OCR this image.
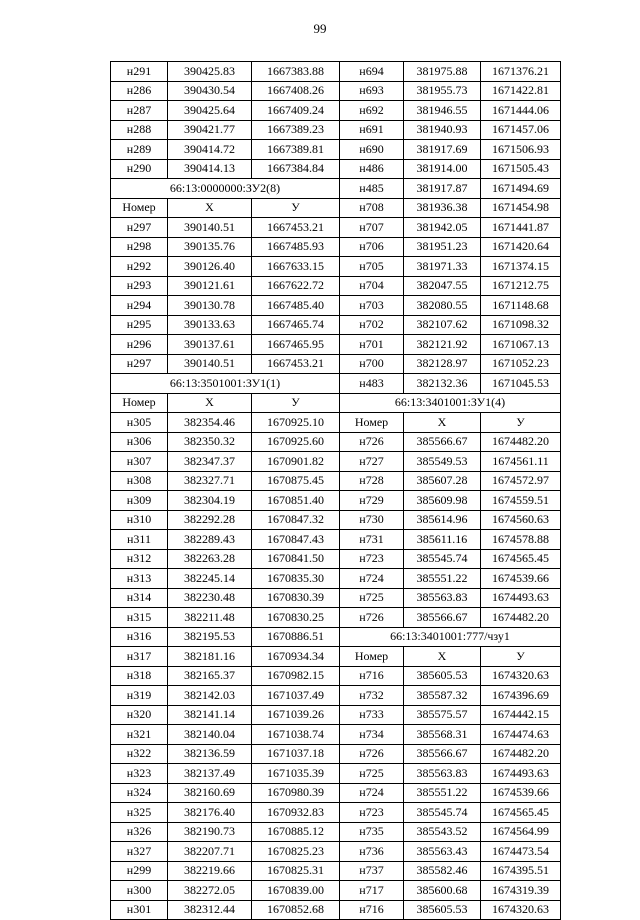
99
н291	390425.83	1667383.88	н694	381975.88	1671376.21
н286	390430.54	1667408.26	н693	381955.73	1671422.81
н287	390425.64	1667409.24	н692	381946.55	1671444.06
н288	390421.77	1667389.23	н691	381940.93	1671457.06
н289	390414.72	1667389.81	н690	381917.69	1671506.93
н290	390414.13	1667384.84	н486	381914.00	1671505.43
66:13:0000000:ЗУ2(8)			н485	381917.87	1671494.69
Номер	Х	У	н708	381936.38	1671454.98
н297	390140.51	1667453.21	н707	381942.05	1671441.87
н298	390135.76	1667485.93	н706	381951.23	1671420.64
н292	390126.40	1667633.15	н705	381971.33	1671374.15
н293	390121.61	1667622.72	н704	382047.55	1671212.75
н294	390130.78	1667485.40	н703	382080.55	1671148.68
н295	390133.63	1667465.74	н702	382107.62	1671098.32
н296	390137.61	1667465.95	н701	382121.92	1671067.13
н297	390140.51	1667453.21	н700	382128.97	1671052.23
66:13:3501001:ЗУ1(1)			н483	382132.36	1671045.53
Номер	Х	У	66:13:3401001:ЗУ1(4)		
н305	382354.46	1670925.10	Номер	Х	У
н306	382350.32	1670925.60	н726	385566.67	1674482.20
н307	382347.37	1670901.82	н727	385549.53	1674561.11
н308	382327.71	1670875.45	н728	385607.28	1674572.97
н309	382304.19	1670851.40	н729	385609.98	1674559.51
н310	382292.28	1670847.32	н730	385614.96	1674560.63
н311	382289.43	1670847.43	н731	385611.16	1674578.88
н312	382263.28	1670841.50	н723	385545.74	1674565.45
н313	382245.14	1670835.30	н724	385551.22	1674539.66
н314	382230.48	1670830.39	н725	385563.83	1674493.63
н315	382211.48	1670830.25	н726	385566.67	1674482.20
н316	382195.53	1670886.51	66:13:3401001:777/чзу1		
н317	382181.16	1670934.34	Номер	Х	У
н318	382165.37	1670982.15	н716	385605.53	1674320.63
н319	382142.03	1671037.49	н732	385587.32	1674396.69
н320	382141.14	1671039.26	н733	385575.57	1674442.15
н321	382140.04	1671038.74	н734	385568.31	1674474.63
н322	382136.59	1671037.18	н726	385566.67	1674482.20
н323	382137.49	1671035.39	н725	385563.83	1674493.63
н324	382160.69	1670980.39	н724	385551.22	1674539.66
н325	382176.40	1670932.83	н723	385545.74	1674565.45
н326	382190.73	1670885.12	н735	385543.52	1674564.99
н327	382207.71	1670825.23	н736	385563.43	1674473.54
н299	382219.66	1670825.31	н737	385582.46	1674395.51
н300	382272.05	1670839.00	н717	385600.68	1674319.39
н301	382312.44	1670852.68	н716	385605.53	1674320.63
